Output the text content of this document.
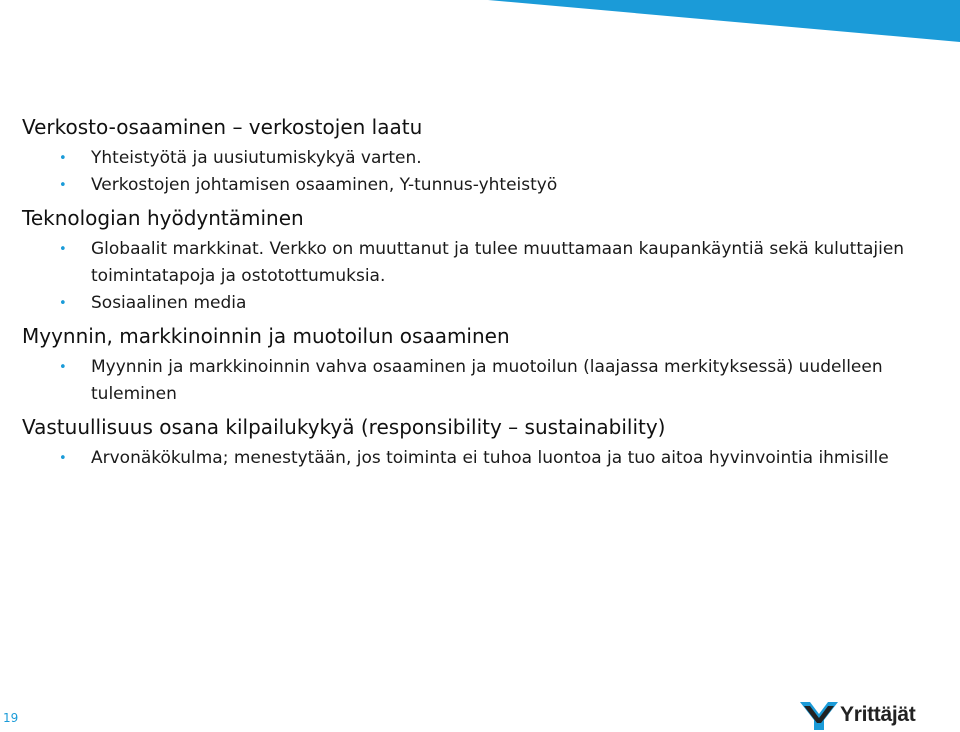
Verkosto-osaaminen – verkostojen laatu

• Yhteistyötä ja uusiutumiskykyä varten.
• Verkostojen johtamisen osaaminen, Y-tunnus-yhteistyö

Teknologian hyödyntäminen

• Globaalit markkinat. Verkko on muuttanut ja tulee muuttamaan kaupankäyntiä sekä kuluttajien toimintatapoja ja ostotottumuksia.
• Sosiaalinen media

Myynnin, markkinoinnin ja muotoilun osaaminen

• Myynnin ja markkinoinnin vahva osaaminen ja muotoilun (laajassa merkityksessä) uudelleen tuleminen

Vastuullisuus osana kilpailukykyä (responsibility – sustainability)

• Arvonäkökulma; menestytään, jos toiminta ei tuhoa luontoa ja tuo aitoa hyvinvointia ihmisille
19	Yrittäjät
